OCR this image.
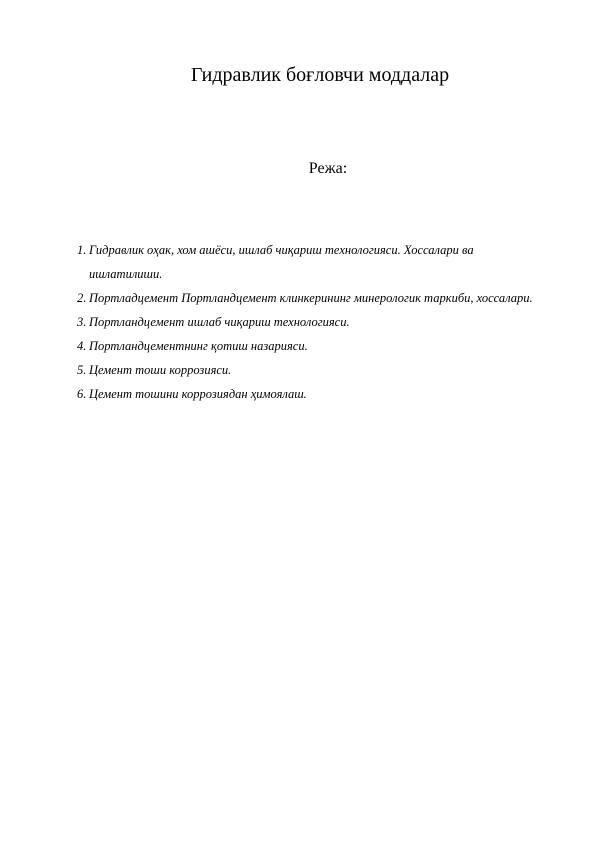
Гидравлик боғловчи моддалар
Режа:
1. Гидравлик оҳак, хом ашёси, ишлаб чиқариш технологияси. Хоссалари ва ишлатилиши.
2. Портладцемент Портландцемент клинкерининг минерологик таркиби, хоссалари.
3. Портландцемент ишлаб чиқариш технологияси.
4. Портландцементнинг қотиш назарияси.
5. Цемент тоши коррозияси.
6. Цемент тошини коррозиядан ҳимоялаш.
